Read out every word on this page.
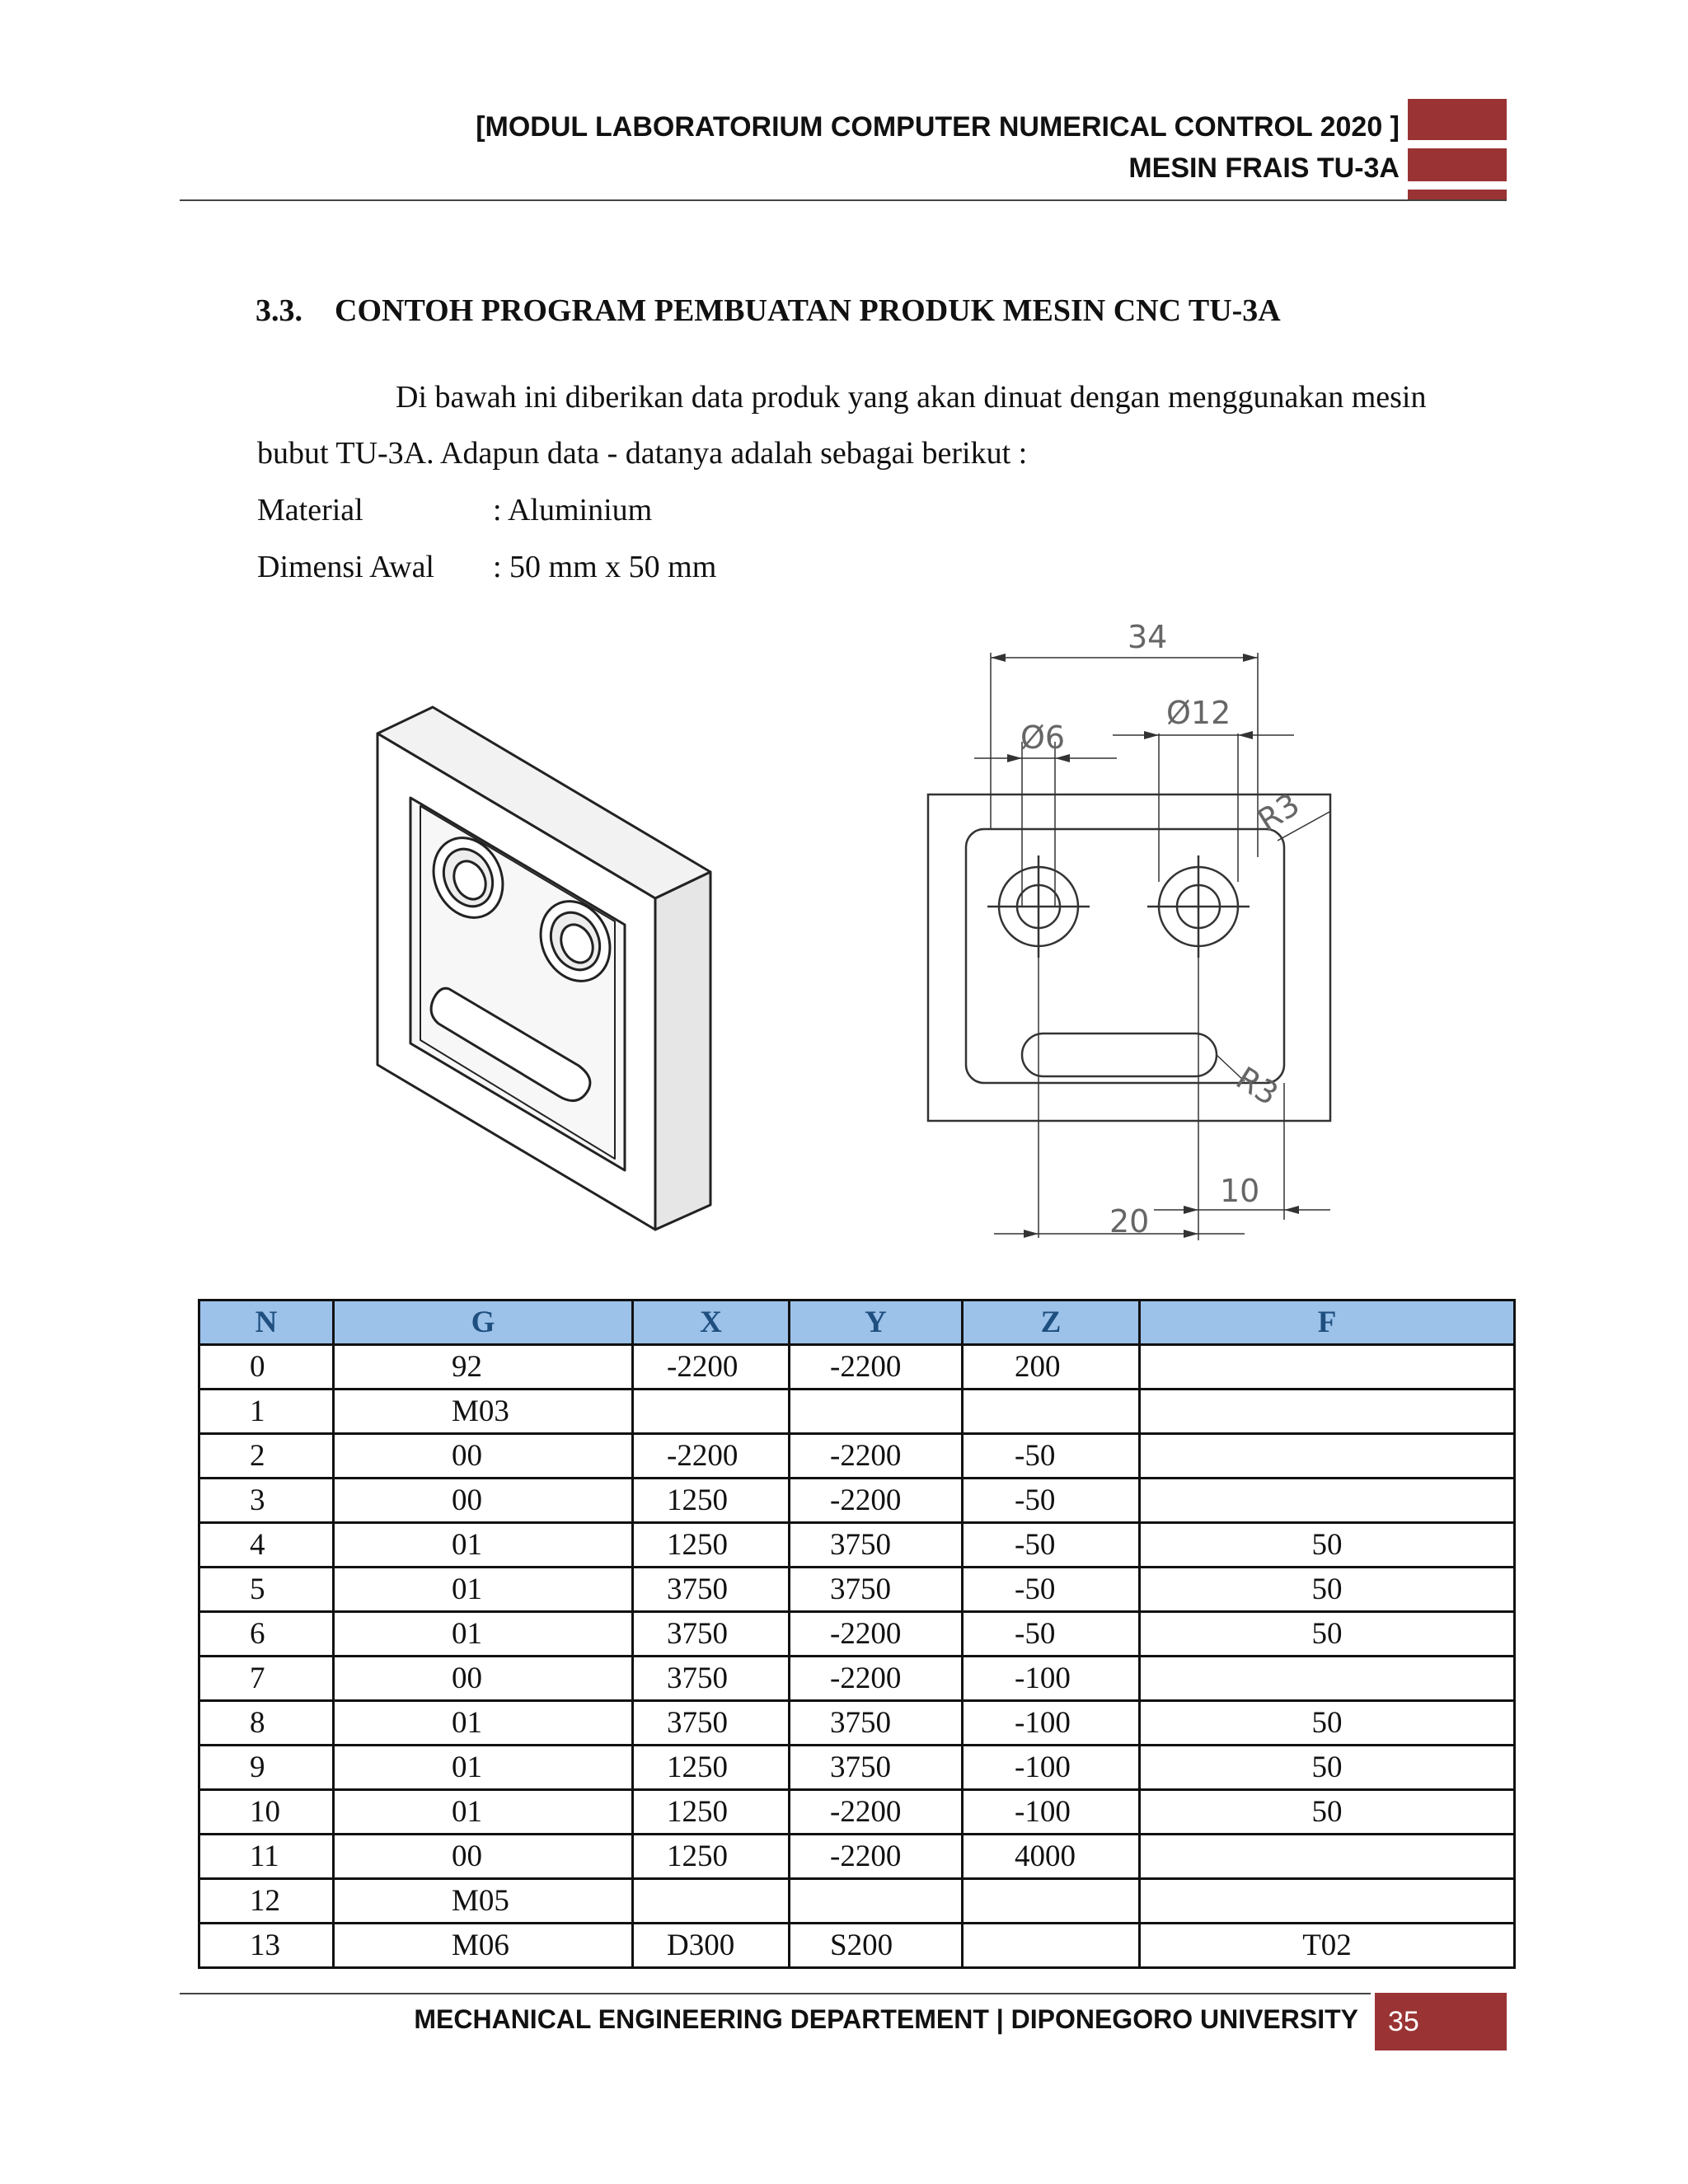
[MODUL LABORATORIUM COMPUTER NUMERICAL CONTROL 2020 ]
MESIN FRAIS TU-3A
3.3. CONTOH PROGRAM PEMBUATAN PRODUK MESIN CNC TU-3A
Di bawah ini diberikan data produk yang akan dinuat dengan menggunakan mesin
bubut TU-3A. Adapun data - datanya adalah sebagai berikut :
Material	: Aluminium
Dimensi Awal : 50 mm x 50 mm
34
Ø6
Ø12
R3
R3
10
20
N	G	X	Y	Z	F
0	92	-2200	-2200	200	
1	M03				
2	00	-2200	-2200	-50	
3	00	1250	-2200	-50	
4	01	1250	3750	-50	50
5	01	3750	3750	-50	50
6	01	3750	-2200	-50	50
7	00	3750	-2200	-100	
8	01	3750	3750	-100	50
9	01	1250	3750	-100	50
10	01	1250	-2200	-100	50
11	00	1250	-2200	4000	
12	M05				
13	M06	D300	S200		T02
MECHANICAL ENGINEERING DEPARTEMENT | DIPONEGORO UNIVERSITY	35
